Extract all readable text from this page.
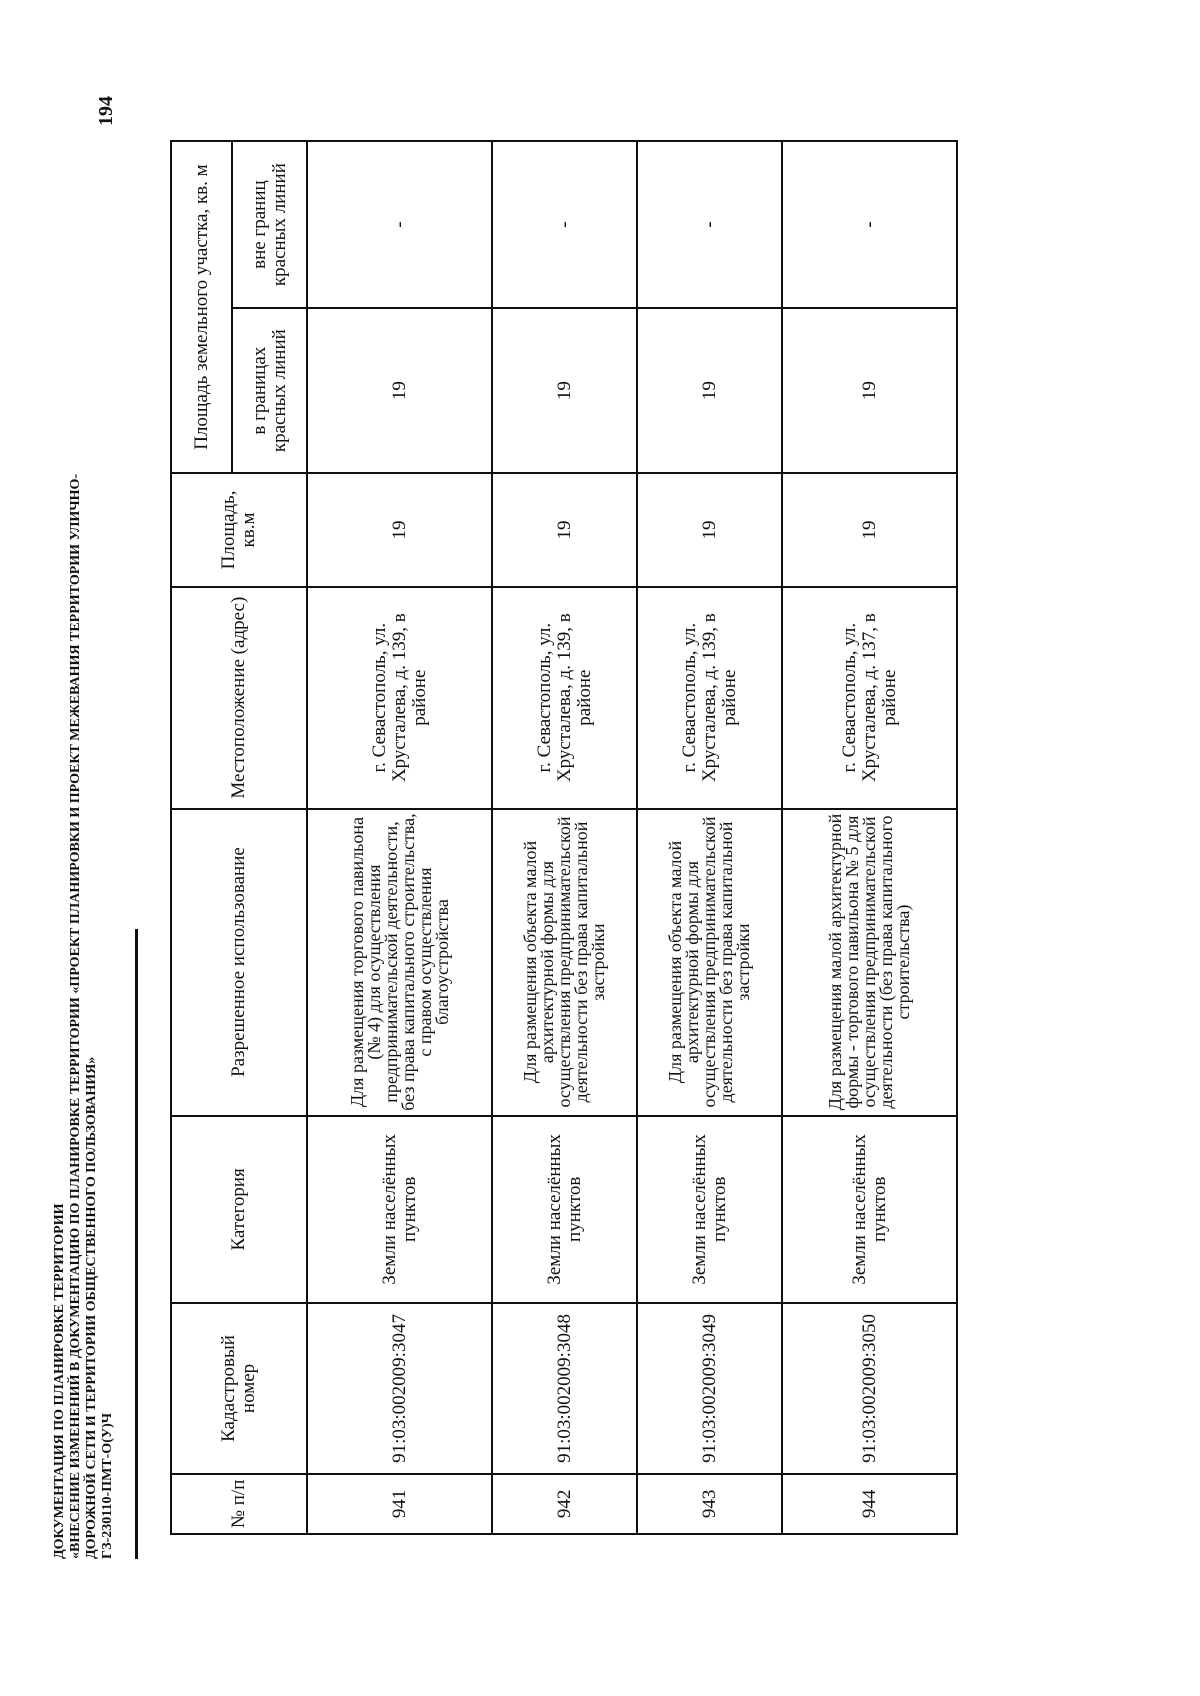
ДОКУМЕНТАЦИЯ ПО ПЛАНИРОВКЕ ТЕРРИТОРИИ «ВНЕСЕНИЕ ИЗМЕНЕНИЙ В ДОКУМЕНТАЦИЮ ПО ПЛАНИРОВКЕ ТЕРРИТОРИИ «ПРОЕКТ ПЛАНИРОВКИ И ПРОЕКТ МЕЖЕВАНИЯ ТЕРРИТОРИИ УЛИЧНО- ДОРОЖНОЙ СЕТИ И ТЕРРИТОРИИ ОБЩЕСТВЕННОГО ПОЛЬЗОВАНИЯ» ГЗ-230110-ПМТ-О(У)Ч
194
№ п/п	Кадастровый номер	Категория	Разрешенное использование	Местоположение (адрес)	Площадь, кв.м	Площадь земельного участка, кв. м	
						в границах красных линий	вне границ красных линий
941	91:03:002009:3047	Земли населённых пунктов	Для размещения торгового павильона (№ 4) для осуществления предпринимательской деятельности, без права капитального строительства, с правом осуществления благоустройства	г. Севастополь, ул. Хрусталева, д. 139, в районе	19	19	-
942	91:03:002009:3048	Земли населённых пунктов	Для размещения объекта малой архитектурной формы для осуществления предпринимательской деятельности без права капитальной застройки	г. Севастополь, ул. Хрусталева, д. 139, в районе	19	19	-
943	91:03:002009:3049	Земли населённых пунктов	Для размещения объекта малой архитектурной формы для осуществления предпринимательской деятельности без права капитальной застройки	г. Севастополь, ул. Хрусталева, д. 139, в районе	19	19	-
944	91:03:002009:3050	Земли населённых пунктов	Для размещения малой архитектурной формы - торгового павильона № 5 для осуществления предпринимательской деятельности (без права капитального строительства)	г. Севастополь, ул. Хрусталева, д. 137, в районе	19	19	-
